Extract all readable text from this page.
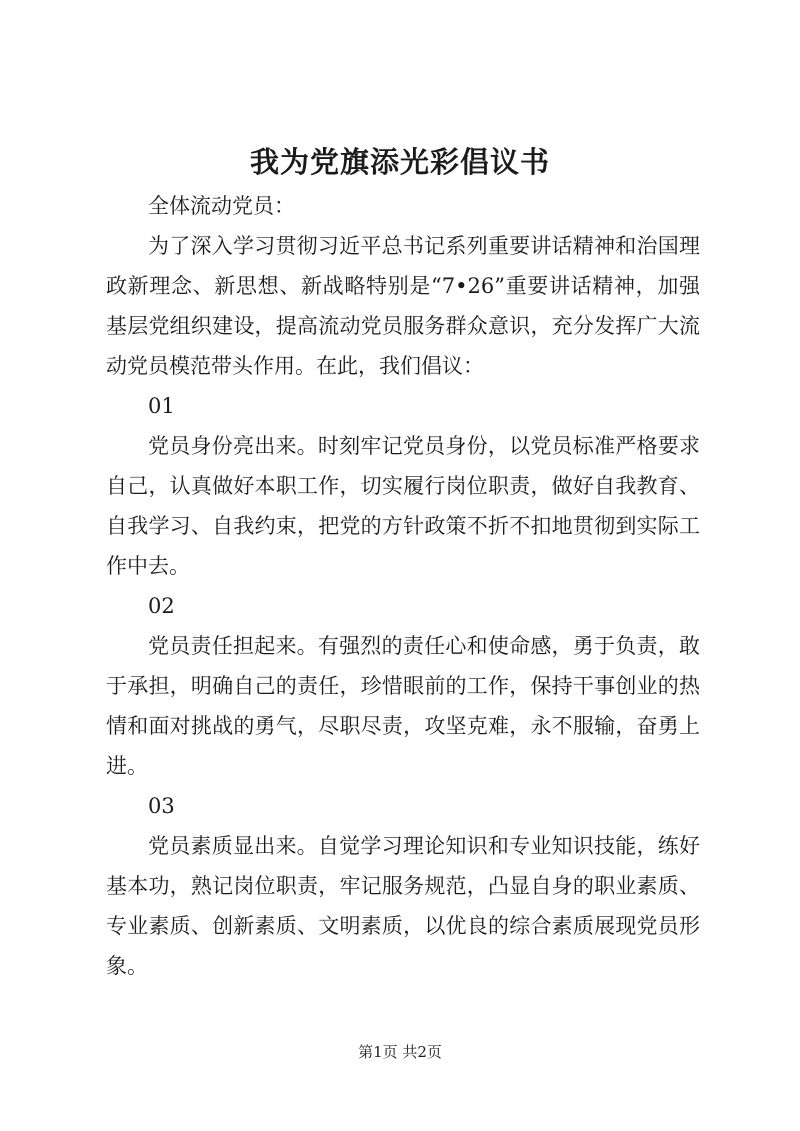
我为党旗添光彩倡议书

全体流动党员：

为了深入学习贯彻习近平总书记系列重要讲话精神和治国理政新理念、新思想、新战略特别是“7•26”重要讲话精神，加强基层党组织建设，提高流动党员服务群众意识，充分发挥广大流动党员模范带头作用。在此，我们倡议：

01

党员身份亮出来。时刻牢记党员身份，以党员标准严格要求自己，认真做好本职工作，切实履行岗位职责，做好自我教育、自我学习、自我约束，把党的方针政策不折不扣地贯彻到实际工作中去。

02

党员责任担起来。有强烈的责任心和使命感，勇于负责，敢于承担，明确自己的责任，珍惜眼前的工作，保持干事创业的热情和面对挑战的勇气，尽职尽责，攻坚克难，永不服输，奋勇上进。

03

党员素质显出来。自觉学习理论知识和专业知识技能，练好基本功，熟记岗位职责，牢记服务规范，凸显自身的职业素质、专业素质、创新素质、文明素质，以优良的综合素质展现党员形象。

第1页 共2页
